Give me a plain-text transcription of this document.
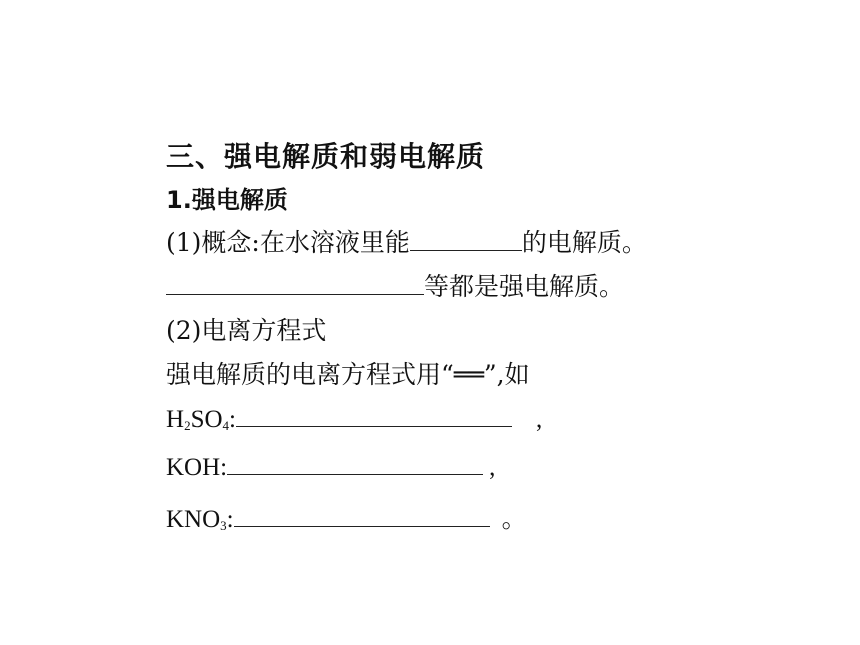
三、强电解质和弱电解质
1.强电解质
(1)概念:在水溶液里能	的电解质。
等都是强电解质。
(2)电离方程式
强电解质的电离方程式用“══”,如
$H_2SO_4$:	,
KOH:	,
$KNO_3$:	。
